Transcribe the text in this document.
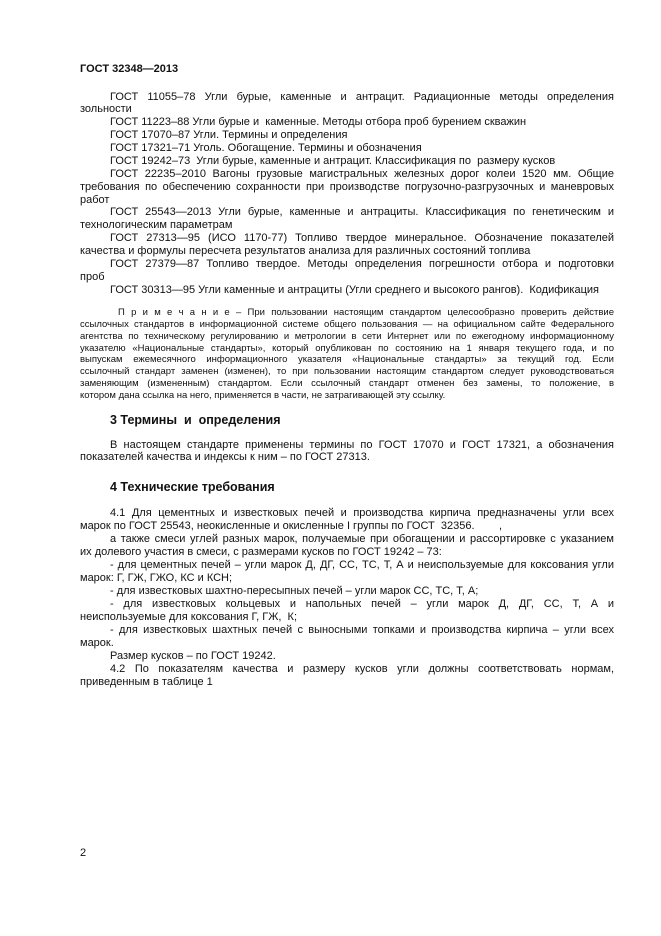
ГОСТ 32348—2013
ГОСТ 11055–78 Угли бурые, каменные и антрацит. Радиационные методы определения
зольности
ГОСТ 11223–88 Угли бурые и  каменные. Методы отбора проб бурением скважин
ГОСТ 17070–87 Угли. Термины и определения
ГОСТ 17321–71 Уголь. Обогащение. Термины и обозначения
ГОСТ 19242–73  Угли бурые, каменные и антрацит. Классификация по  размеру кусков
ГОСТ 22235–2010 Вагоны грузовые магистральных железных дорог колеи 1520 мм. Общие
требования по обеспечению сохранности при производстве погрузочно-разгрузочных и маневровых
работ
ГОСТ 25543—2013 Угли бурые, каменные и антрациты. Классификация по генетическим и
технологическим параметрам
ГОСТ 27313—95 (ИСО 1170-77) Топливо твердое минеральное. Обозначение показателей
качества и формулы пересчета результатов анализа для различных состояний топлива
ГОСТ 27379—87 Топливо твердое. Методы определения погрешности отбора и подготовки
проб
ГОСТ 30313—95 Угли каменные и антрациты (Угли среднего и высокого рангов).  Кодификация
П р и м е ч а н и е – При пользовании настоящим стандартом целесообразно проверить действие
ссылочных стандартов в информационной системе общего пользования — на официальном сайте Федерального
агентства по техническому регулированию и метрологии в сети Интернет или по ежегодному информационному
указателю «Национальные стандарты», который опубликован по состоянию на 1 января текущего года, и по
выпускам ежемесячного информационного указателя «Национальные стандарты» за текущий год. Если
ссылочный стандарт заменен (изменен), то при пользовании настоящим стандартом следует руководствоваться
заменяющим (измененным) стандартом. Если ссылочный стандарт отменен без замены, то положение, в
котором дана ссылка на него, применяется в части, не затрагивающей эту ссылку.
3 Термины  и  определения
В настоящем стандарте применены термины по ГОСТ 17070 и ГОСТ 17321, а обозначения
показателей качества и индексы к ним – по ГОСТ 27313.
4 Технические требования
4.1 Для цементных и известковых печей и производства кирпича предназначены угли всех
марок по ГОСТ 25543, неокисленные и окисленные I группы по ГОСТ  32356.        ,
а также смеси углей разных марок, получаемые при обогащении и рассортировке с указанием
их долевого участия в смеси, с размерами кусков по ГОСТ 19242 – 73:
- для цементных печей – угли марок Д, ДГ, СС, ТС, Т, А и неиспользуемые для коксования угли
марок: Г, ГЖ, ГЖО, КС и КСН;
- для известковых шахтно-пересыпных печей – угли марок СС, ТС, Т, А;
- для известковых кольцевых и напольных печей – угли марок Д, ДГ, СС, Т, А и
неиспользуемые для коксования Г, ГЖ,  К;
- для известковых шахтных печей с выносными топками и производства кирпича – угли всех
марок.
Размер кусков – по ГОСТ 19242.
4.2 По показателям качества и размеру кусков угли должны соответствовать нормам,
приведенным в таблице 1
2
